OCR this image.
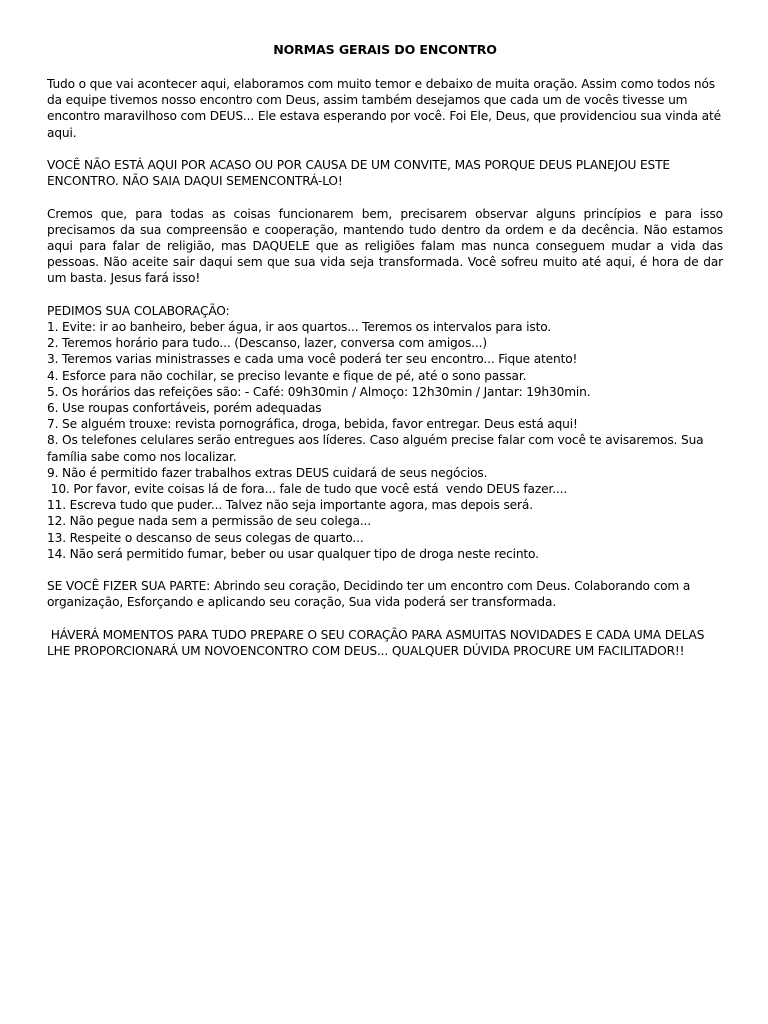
NORMAS GERAIS DO ENCONTRO

Tudo o que vai acontecer aqui, elaboramos com muito temor e debaixo de muita oração. Assim como todos nós da equipe tivemos nosso encontro com Deus, assim também desejamos que cada um de vocês tivesse um encontro maravilhoso com DEUS... Ele estava esperando por você. Foi Ele, Deus, que providenciou sua vinda até aqui.

VOCÊ NÃO ESTÁ AQUI POR ACASO OU POR CAUSA DE UM CONVITE, MAS PORQUE DEUS PLANEJOU ESTE ENCONTRO. NÃO SAIA DAQUI SEMENCONTRÁ-LO!

Cremos que, para todas as coisas funcionarem bem, precisarem observar alguns princípios e para isso precisamos da sua compreensão e cooperação, mantendo tudo dentro da ordem e da decência. Não estamos aqui para falar de religião, mas DAQUELE que as religiões falam mas nunca conseguem mudar a vida das pessoas. Não aceite sair daqui sem que sua vida seja transformada. Você sofreu muito até aqui, é hora de dar um basta. Jesus fará isso!

PEDIMOS SUA COLABORAÇÃO:
1. Evite: ir ao banheiro, beber água, ir aos quartos... Teremos os intervalos para isto.
2. Teremos horário para tudo... (Descanso, lazer, conversa com amigos...)
3. Teremos varias ministrasses e cada uma você poderá ter seu encontro... Fique atento!
4. Esforce para não cochilar, se preciso levante e fique de pé, até o sono passar.
5. Os horários das refeições são: - Café: 09h30min / Almoço: 12h30min / Jantar: 19h30min.
6. Use roupas confortáveis, porém adequadas
7. Se alguém trouxe: revista pornográfica, droga, bebida, favor entregar. Deus está aqui!
8. Os telefones celulares serão entregues aos líderes. Caso alguém precise falar com você te avisaremos. Sua família sabe como nos localizar.
9. Não é permitido fazer trabalhos extras DEUS cuidará de seus negócios.
10. Por favor, evite coisas lá de fora... fale de tudo que você está  vendo DEUS fazer....
11. Escreva tudo que puder... Talvez não seja importante agora, mas depois será.
12. Não pegue nada sem a permissão de seu colega...
13. Respeite o descanso de seus colegas de quarto...
14. Não será permitido fumar, beber ou usar qualquer tipo de droga neste recinto.

SE VOCÊ FIZER SUA PARTE: Abrindo seu coração, Decidindo ter um encontro com Deus. Colaborando com a organização, Esforçando e aplicando seu coração, Sua vida poderá ser transformada.

HÁVERÁ MOMENTOS PARA TUDO PREPARE O SEU CORAÇÃO PARA ASMUITAS NOVIDADES E CADA UMA DELAS LHE PROPORCIONARÁ UM NOVOENCONTRO COM DEUS... QUALQUER DÚVIDA PROCURE UM FACILITADOR!!
